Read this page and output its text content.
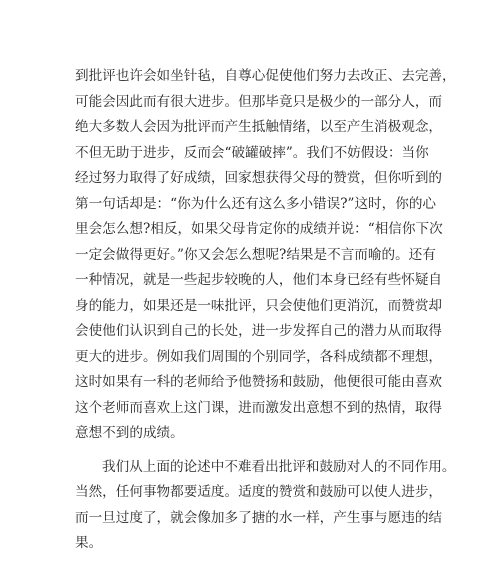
到批评也许会如坐针毡，自尊心促使他们努力去改正、去完善，
可能会因此而有很大进步。但那毕竟只是极少的一部分人，而
绝大多数人会因为批评而产生抵触情绪，以至产生消极观念，
不但无助于进步，反而会“破罐破摔”。我们不妨假设：当你
经过努力取得了好成绩，回家想获得父母的赞赏，但你听到的
第一句话却是：“你为什么还有这么多小错误?”这时，你的心
里会怎么想?相反，如果父母肯定你的成绩并说：“相信你下次
一定会做得更好。”你又会怎么想呢?结果是不言而喻的。还有
一种情况，就是一些起步较晚的人，他们本身已经有些怀疑自
身的能力，如果还是一味批评，只会使他们更消沉，而赞赏却
会使他们认识到自己的长处，进一步发挥自己的潜力从而取得
更大的进步。例如我们周围的个别同学，各科成绩都不理想，
这时如果有一科的老师给予他赞扬和鼓励，他便很可能由喜欢
这个老师而喜欢上这门课，进而激发出意想不到的热情，取得
意想不到的成绩。
我们从上面的论述中不难看出批评和鼓励对人的不同作用。
当然，任何事物都要适度。适度的赞赏和鼓励可以使人进步，
而一旦过度了，就会像加多了搪的水一样，产生事与愿违的结
果。
